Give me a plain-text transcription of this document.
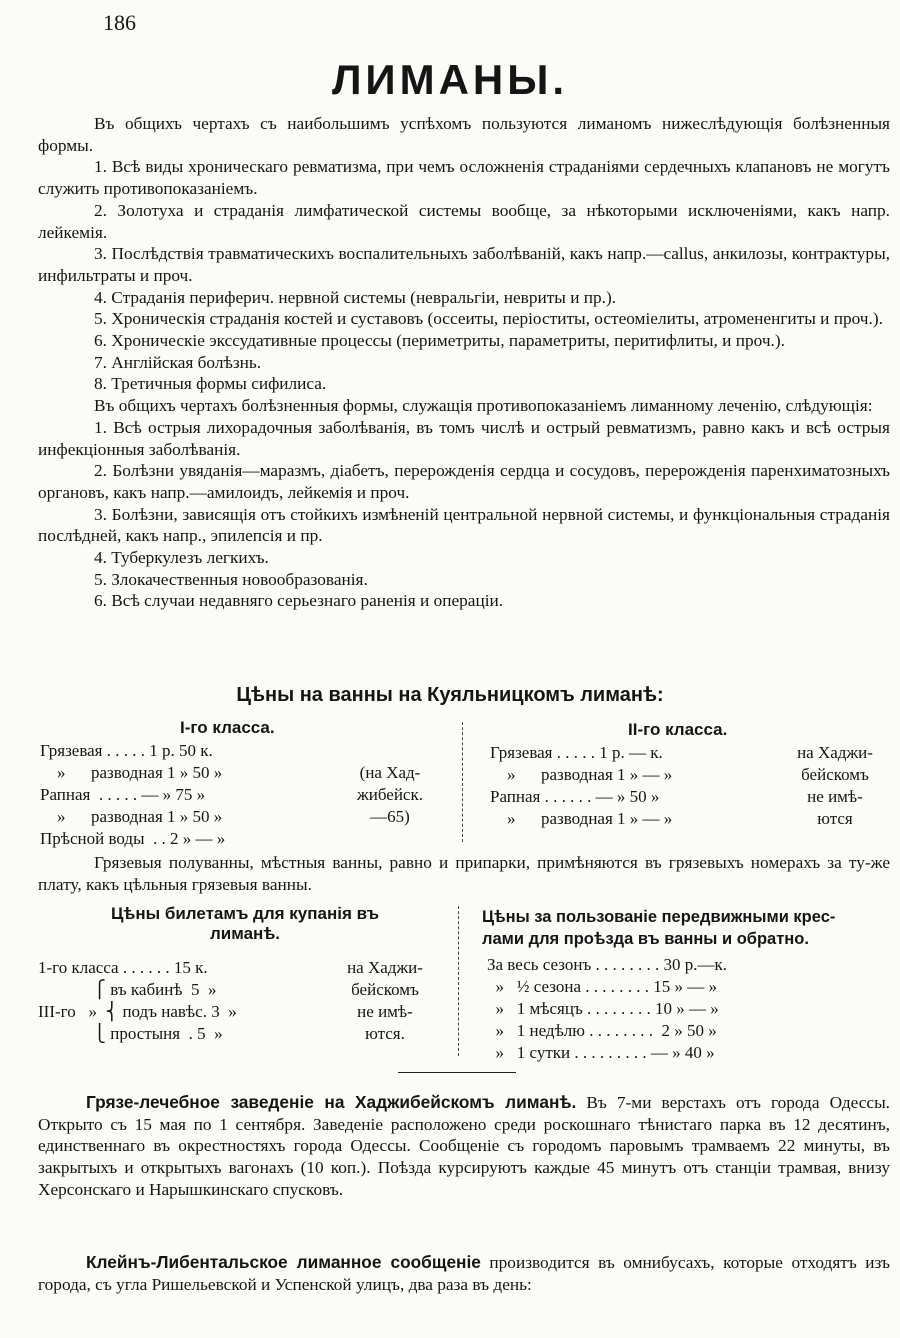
186
ЛИМАНЫ.

Въ общихъ чертахъ съ наибольшимъ успѣхомъ пользуются лиманомъ нижеслѣдующія болѣзненныя формы.

1. Всѣ виды хроническаго ревматизма, при чемъ осложненія страданіями сердечныхъ клапановъ не могутъ служить противопоказаніемъ.

2. Золотуха и страданія лимфатической системы вообще, за нѣкоторыми исключеніями, какъ напр. лейкемія.

3. Послѣдствія травматическихъ воспалительныхъ заболѣваній, какъ напр.—callus, анкилозы, контрактуры, инфильтраты и проч.

4. Страданія периферич. нервной системы (невральгіи, невриты и пр.).

5. Хроническія страданія костей и суставовъ (оссеиты, періоститы, остеоміелиты, атромененгиты и проч.).

6. Хроническіе экссудативные процессы (периметриты, параметриты, перитифлиты, и проч.).

7. Англійская болѣзнь.

8. Третичныя формы сифилиса.

Въ общихъ чертахъ болѣзненныя формы, служащія противопоказаніемъ лиманному леченію, слѣдующія:

1. Всѣ острыя лихорадочныя заболѣванія, въ томъ числѣ и острый ревматизмъ, равно какъ и всѣ острыя инфекціонныя заболѣванія.

2. Болѣзни увяданія—маразмъ, діабетъ, перерожденія сердца и сосудовъ, перерожденія паренхиматозныхъ органовъ, какъ напр.—амилоидъ, лейкемія и проч.

3. Болѣзни, зависящія отъ стойкихъ измѣненій центральной нервной системы, и функціональныя страданія послѣдней, какъ напр., эпилепсія и пр.

4. Туберкулезъ легкихъ.

5. Злокачественныя новообразованія.

6. Всѣ случаи недавняго серьезнаго раненія и операціи.

Цѣны на ванны на Куяльницкомъ лиманѣ:
I-го класса.
Грязевая . . . . . 1 р. 50 к.
»      разводная 1 » 50 »
Рапная  . . . . . — » 75 »
»      разводная 1 » 50 »
Прѣсной воды  . . 2 » — »
(на Хад-
жибейск.
—65)
II-го класса.
Грязевая . . . . . 1 р. — к.
»      разводная 1 » — »
Рапная . . . . . . — » 50 »
»      разводная 1 » — »
на Хаджи-
бейскомъ
не имѣ-
ются

Грязевыя полуванны, мѣстныя ванны, равно и припарки, примѣняются въ грязевыхъ номерахъ за ту-же плату, какъ цѣльныя грязевыя ванны.

Цѣны билетамъ для купанія въ
лиманѣ.
1-го класса . . . . . . 15 к.
⎧ въ кабинѣ  5  »
III-го   »  ⎨ подъ навѣс. 3  »
⎩ простыня  . 5  »
на Хаджи-
бейскомъ
не имѣ-
ются.
Цѣны за пользованіе передвижными крес-
лами для проѣзда въ ванны и обратно.
За весь сезонъ . . . . . . . . 30 р.—к.
»   ½ сезона . . . . . . . . 15 » — »
»   1 мѣсяцъ . . . . . . . . 10 » — »
»   1 недѣлю . . . . . . . .  2 » 50 »
»   1 сутки . . . . . . . . . — » 40 »

Грязе-лечебное заведеніе на Хаджибейскомъ лиманѣ. Въ 7-ми верстахъ отъ города Одессы. Открыто съ 15 мая по 1 сентября. Заведеніе расположено среди роскошнаго тѣнистаго парка въ 12 десятинъ, единственнаго въ окрестностяхъ города Одессы. Сообщеніе съ городомъ паровымъ трамваемъ 22 минуты, въ закрытыхъ и открытыхъ вагонахъ (10 коп.). Поѣзда курсируютъ каждые 45 минутъ отъ станціи трамвая, внизу Херсонскаго и Нарышкинскаго спусковъ.

Клейнъ-Либентальское лиманное сообщеніе производится въ омнибусахъ, которые отходятъ изъ города, съ угла Ришельевской и Успенской улицъ, два раза въ день:
